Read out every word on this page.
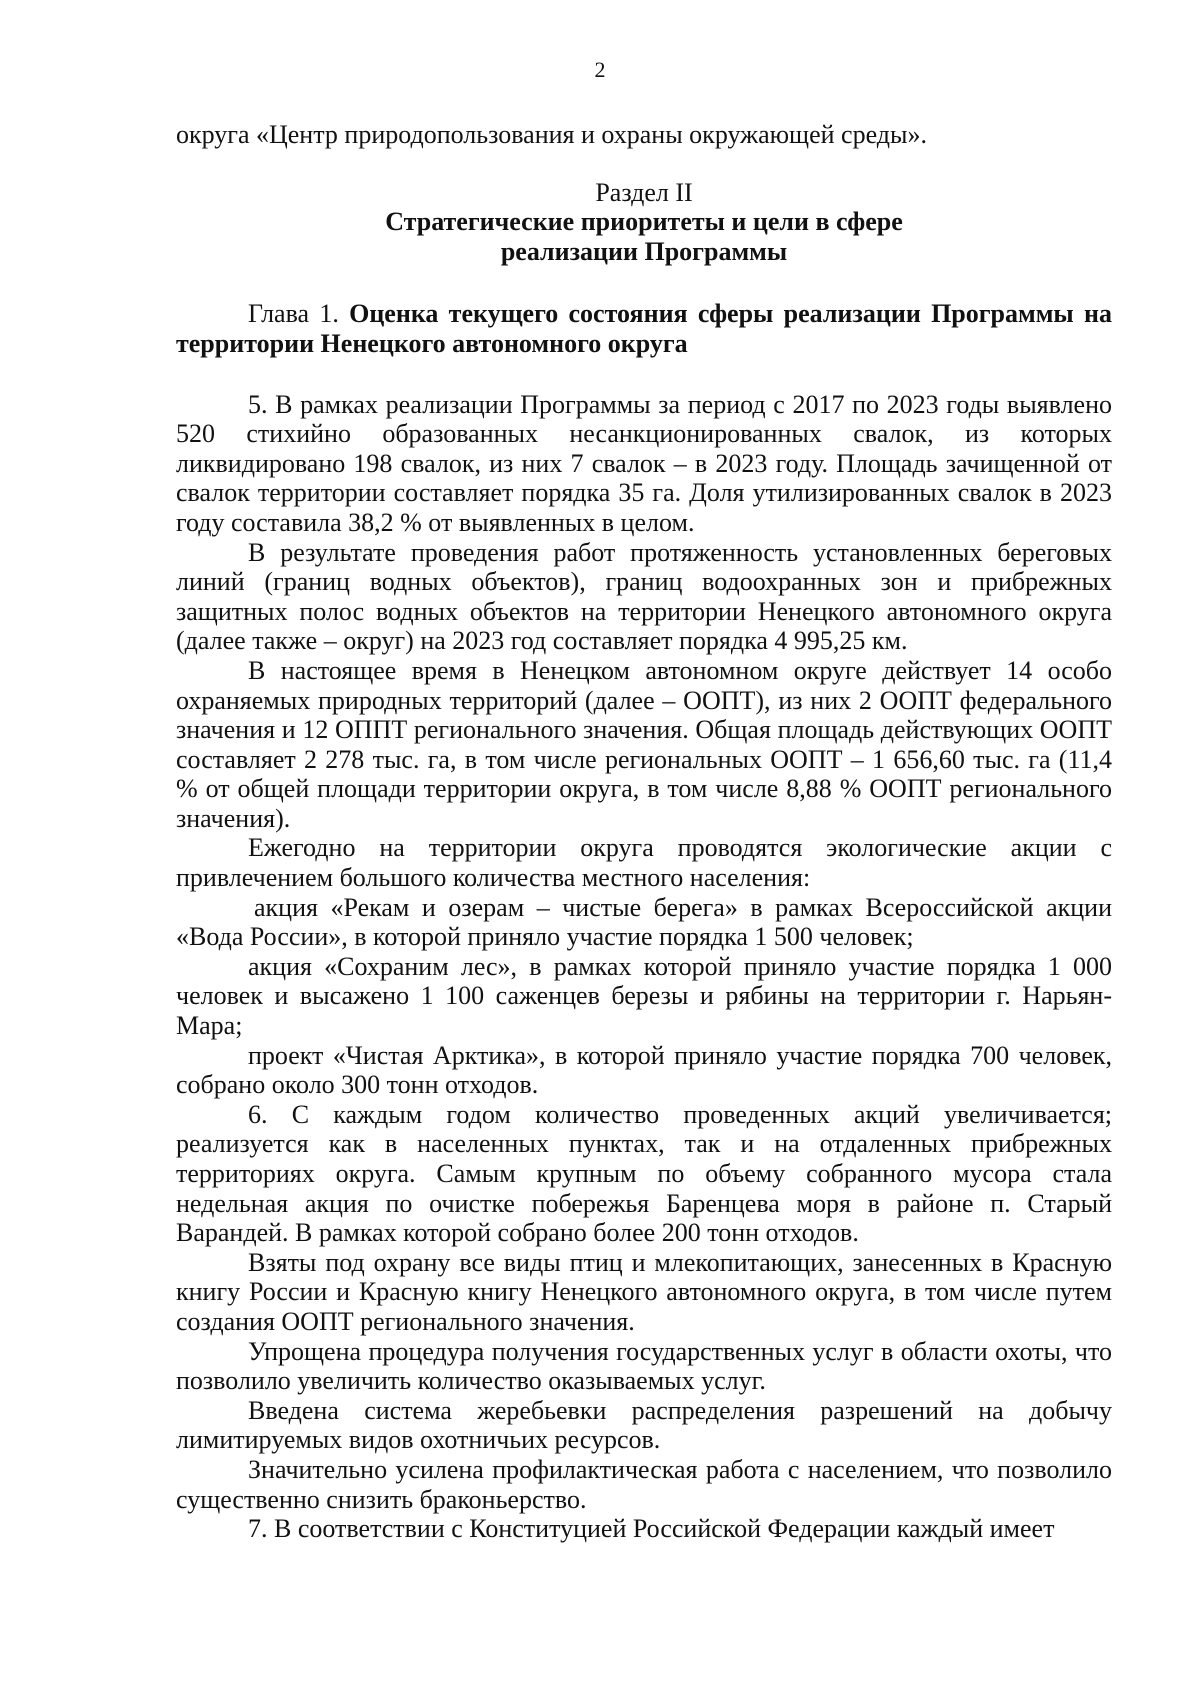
2

округа «Центр природопользования и охраны окружающей среды».

Раздел II

Стратегические приоритеты и цели в сфере

реализации Программы

Глава 1. Оценка текущего состояния сферы реализации Программы на территории Ненецкого автономного округа

5. В рамках реализации Программы за период с 2017 по 2023 годы выявлено 520 стихийно образованных несанкционированных свалок, из которых ликвидировано 198 свалок, из них 7 свалок – в 2023 году. Площадь зачищенной от свалок территории составляет порядка 35 га. Доля утилизированных свалок в 2023 году составила 38,2 % от выявленных в целом.

В результате проведения работ протяженность установленных береговых линий (границ водных объектов), границ водоохранных зон и прибрежных защитных полос водных объектов на территории Ненецкого автономного округа (далее также – округ) на 2023 год составляет порядка 4 995,25 км.

В настоящее время в Ненецком автономном округе действует 14 особо охраняемых природных территорий (далее – ООПТ), из них 2 ООПТ федерального значения и 12 ОППТ регионального значения. Общая площадь действующих ООПТ составляет 2 278 тыс. га, в том числе региональных ООПТ – 1 656,60 тыс. га (11,4 % от общей площади территории округа, в том числе 8,88 % ООПТ регионального значения).

Ежегодно на территории округа проводятся экологические акции с привлечением большого количества местного населения:

акция «Рекам и озерам – чистые берега» в рамках Всероссийской акции «Вода России», в которой приняло участие порядка 1 500 человек;

акция «Сохраним лес», в рамках которой приняло участие порядка 1 000 человек и высажено 1 100 саженцев березы и рябины на территории г. Нарьян-Мара;

проект «Чистая Арктика», в которой приняло участие порядка 700 человек, собрано около 300 тонн отходов.

6. С каждым годом количество проведенных акций увеличивается; реализуется как в населенных пунктах, так и на отдаленных прибрежных территориях округа. Самым крупным по объему собранного мусора стала недельная акция по очистке побережья Баренцева моря в районе п. Старый Варандей. В рамках которой собрано более 200 тонн отходов.

Взяты под охрану все виды птиц и млекопитающих, занесенных в Красную книгу России и Красную книгу Ненецкого автономного округа, в том числе путем создания ООПТ регионального значения.

Упрощена процедура получения государственных услуг в области охоты, что позволило увеличить количество оказываемых услуг.

Введена система жеребьевки распределения разрешений на добычу лимитируемых видов охотничьих ресурсов.

Значительно усилена профилактическая работа с населением, что позволило существенно снизить браконьерство.

7. В соответствии с Конституцией Российской Федерации каждый имеет
